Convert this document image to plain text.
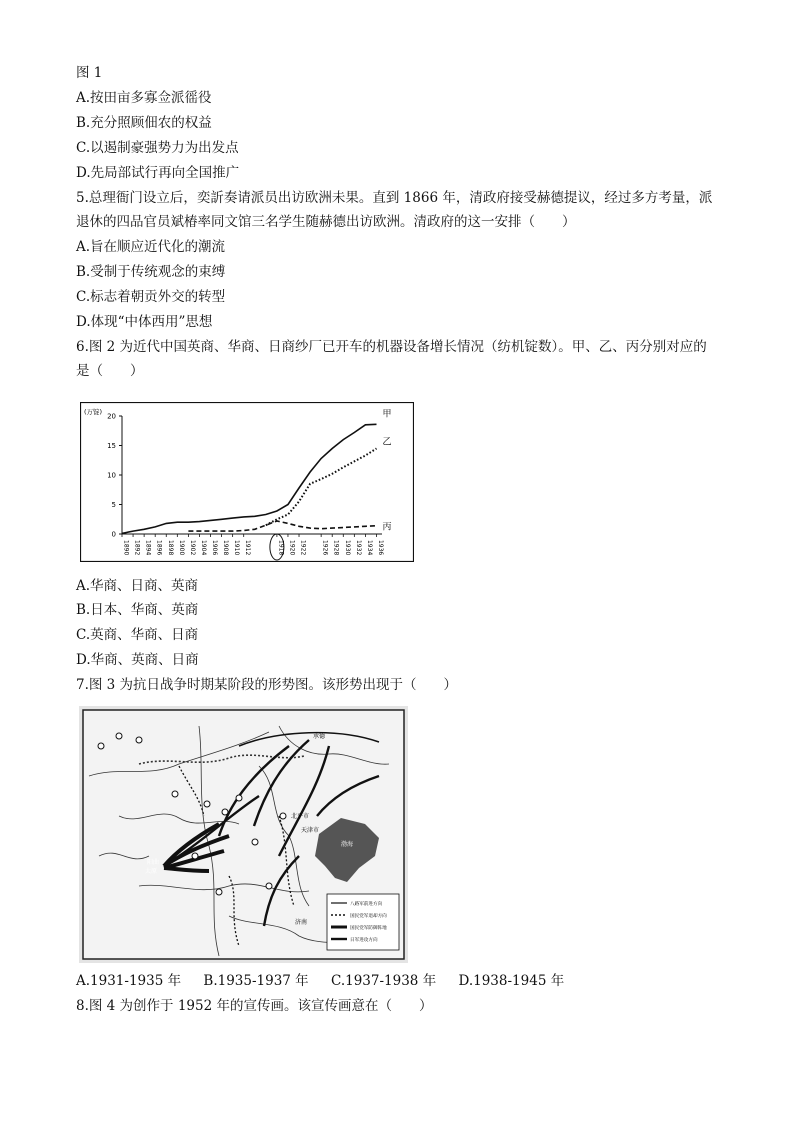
图 1
A.按田亩多寡佥派徭役
B.充分照顾佃农的权益
C.以遏制豪强势力为出发点
D.先局部试行再向全国推广
5.总理衙门设立后，奕訢奏请派员出访欧洲未果。直到 1866 年，清政府接受赫德提议，经过多方考量，派
退休的四品官员斌椿率同文馆三名学生随赫德出访欧洲。清政府的这一安排（　　）
A.旨在顺应近代化的潮流
B.受制于传统观念的束缚
C.标志着朝贡外交的转型
D.体现“中体西用”思想
6.图 2 为近代中国英商、华商、日商纱厂已开车的机器设备增长情况（纺机锭数）。甲、乙、丙分别对应的
是（　　）
(万锭)
0
5
10
15
20
1890 1892 1894 1896 1898 1900 1902 1904 1906 1908 1910 1912	1918 1920 1922	1926 1928 1930 1932 1934 1936
甲
乙
丙
A.华商、日商、英商
B.日本、华商、英商
C.英商、华商、日商
D.华商、英商、日商
7.图 3 为抗日战争时期某阶段的形势图。该形势出现于（　　）
承德
北平市
天津市
渤海
阳曲
太原
济南
八路军前进方向
国民党军退却方向
国民党军防御阵地
日军进攻方向
A.1931-1935 年 B.1935-1937 年 C.1937-1938 年 D.1938-1945 年
8.图 4 为创作于 1952 年的宣传画。该宣传画意在（　　）
